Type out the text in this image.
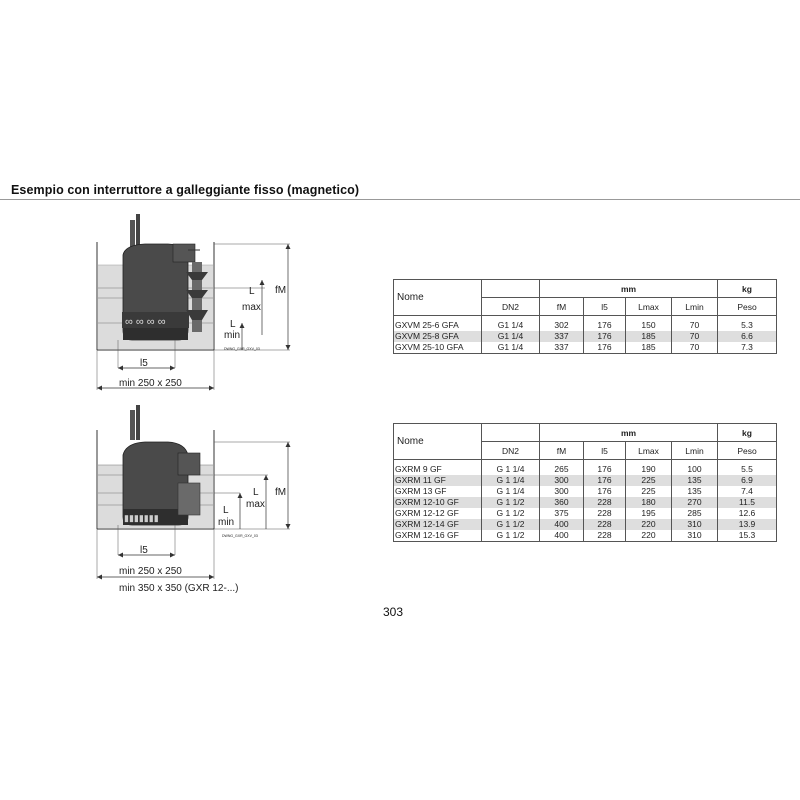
Esempio con interruttore a galleggiante fisso (magnetico)
∞ ∞ ∞ ∞
fM
L
max
L
min
DWNG_GXR_GXV_03
l5
min 250 x 250
Nome		mm				kg
	DN2	fM	l5	Lmax	Lmin	Peso
GXVM 25-6 GFA	G1 1/4	302	176	150	70	5.3
GXVM 25-8 GFA	G1 1/4	337	176	185	70	6.6
GXVM 25-10 GFA	G1 1/4	337	176	185	70	7.3
▮▮▮▮▮▮▮
fM
L
max
L
min
DWNG_GXR_GXV_03
l5
min 250 x 250
min 350 x 350 (GXR 12-...)
Nome		mm				kg
	DN2	fM	l5	Lmax	Lmin	Peso
GXRM 9 GF	G 1 1/4	265	176	190	100	5.5
GXRM 11 GF	G 1 1/4	300	176	225	135	6.9
GXRM 13 GF	G 1 1/4	300	176	225	135	7.4
GXRM 12-10 GF	G 1 1/2	360	228	180	270	11.5
GXRM 12-12 GF	G 1 1/2	375	228	195	285	12.6
GXRM 12-14 GF	G 1 1/2	400	228	220	310	13.9
GXRM 12-16 GF	G 1 1/2	400	228	220	310	15.3
303
